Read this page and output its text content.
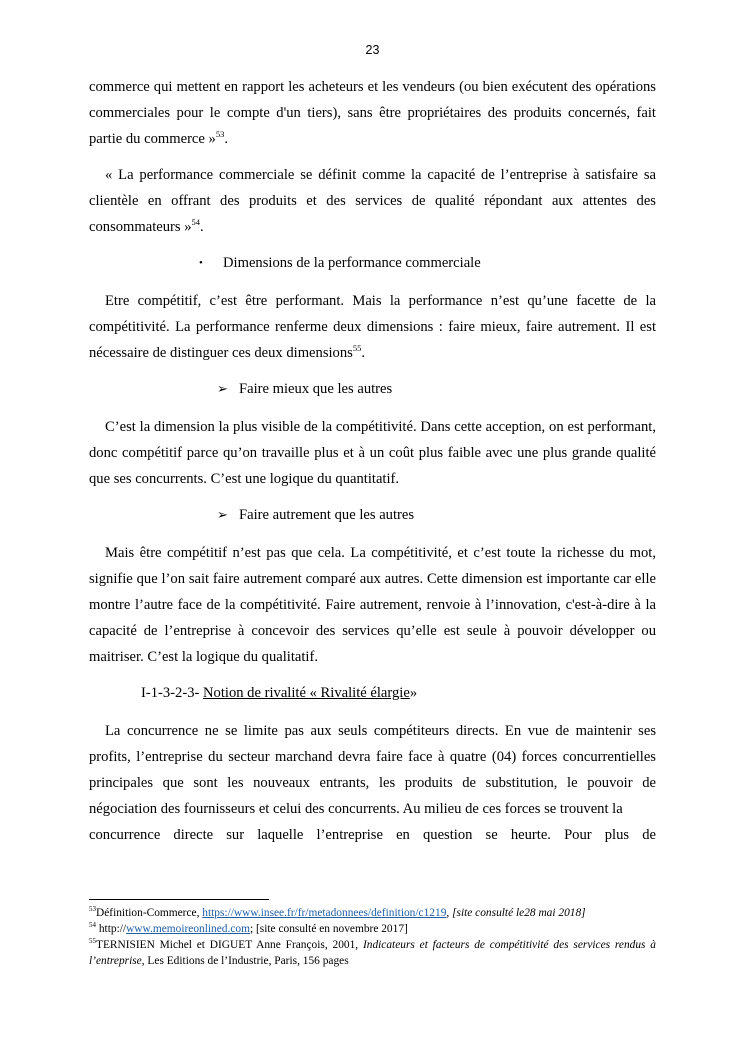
23

commerce qui mettent en rapport les acheteurs et les vendeurs (ou bien exécutent des opérations commerciales pour le compte d'un tiers), sans être propriétaires des produits concernés, fait partie du commerce »$^{53}$.

« La performance commerciale se définit comme la capacité de l’entreprise à satisfaire sa clientèle en offrant des produits et des services de qualité répondant aux attentes des consommateurs »$^{54}$.

• Dimensions de la performance commerciale

Etre compétitif, c’est être performant. Mais la performance n’est qu’une facette de la compétitivité. La performance renferme deux dimensions : faire mieux, faire autrement. Il est nécessaire de distinguer ces deux dimensions$^{55}$.

➢ Faire mieux que les autres

C’est la dimension la plus visible de la compétitivité. Dans cette acception, on est performant, donc compétitif parce qu’on travaille plus et à un coût plus faible avec une plus grande qualité que ses concurrents. C’est une logique du quantitatif.

➢ Faire autrement que les autres

Mais être compétitif n’est pas que cela. La compétitivité, et c’est toute la richesse du mot, signifie que l’on sait faire autrement comparé aux autres. Cette dimension est importante car elle montre l’autre face de la compétitivité. Faire autrement, renvoie à l’innovation, c'est-à-dire à la capacité de l’entreprise à concevoir des services qu’elle est seule à pouvoir développer ou maitriser. C’est la logique du qualitatif.

I-1-3-2-3- Notion de rivalité « Rivalité élargie»

La concurrence ne se limite pas aux seuls compétiteurs directs. En vue de maintenir ses profits, l’entreprise du secteur marchand devra faire face à quatre (04) forces concurrentielles principales que sont les nouveaux entrants, les produits de substitution, le pouvoir de négociation des fournisseurs et celui des concurrents. Au milieu de ces forces se trouvent la

concurrence directe sur laquelle l’entreprise en question se heurte. Pour plus de

$^{53}$Définition-Commerce, https://www.insee.fr/fr/metadonnees/definition/c1219, [site consulté le28 mai 2018]
$^{54}$ http://www.memoireonlined.com; [site consulté en novembre 2017]
$^{55}$TERNISIEN Michel et DIGUET Anne François, 2001, Indicateurs et facteurs de compétitivité des services rendus à l’entreprise, Les Editions de l’Industrie, Paris, 156 pages
